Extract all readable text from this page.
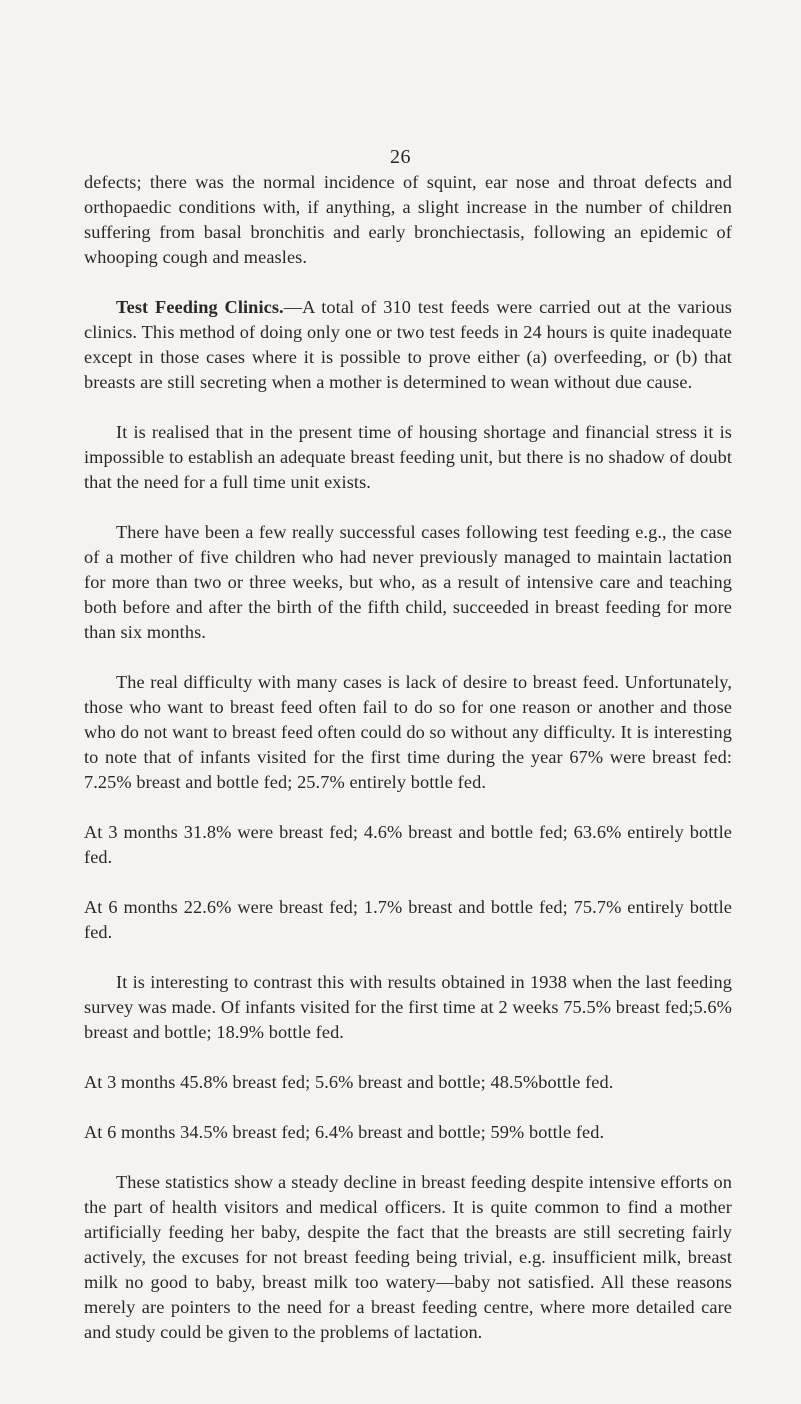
26

defects; there was the normal incidence of squint, ear nose and throat defects and orthopaedic conditions with, if anything, a slight increase in the number of children suffering from basal bronchitis and early bronchiectasis, following an epidemic of whooping cough and measles.

Test Feeding Clinics.—A total of 310 test feeds were carried out at the various clinics. This method of doing only one or two test feeds in 24 hours is quite inadequate except in those cases where it is possible to prove either (a) overfeeding, or (b) that breasts are still secreting when a mother is determined to wean without due cause.

It is realised that in the present time of housing shortage and financial stress it is impossible to establish an adequate breast feeding unit, but there is no shadow of doubt that the need for a full time unit exists.

There have been a few really successful cases following test feeding e.g., the case of a mother of five children who had never previously managed to maintain lactation for more than two or three weeks, but who, as a result of intensive care and teaching both before and after the birth of the fifth child, succeeded in breast feeding for more than six months.

The real difficulty with many cases is lack of desire to breast feed. Unfortunately, those who want to breast feed often fail to do so for one reason or another and those who do not want to breast feed often could do so without any difficulty. It is interesting to note that of infants visited for the first time during the year 67% were breast fed: 7.25% breast and bottle fed; 25.7% entirely bottle fed.

At 3 months 31.8% were breast fed; 4.6% breast and bottle fed; 63.6% entirely bottle fed.

At 6 months 22.6% were breast fed; 1.7% breast and bottle fed; 75.7% entirely bottle fed.

It is interesting to contrast this with results obtained in 1938 when the last feeding survey was made. Of infants visited for the first time at 2 weeks 75.5% breast fed;5.6% breast and bottle; 18.9% bottle fed.

At 3 months 45.8% breast fed; 5.6% breast and bottle; 48.5%bottle fed.

At 6 months 34.5% breast fed; 6.4% breast and bottle; 59% bottle fed.

These statistics show a steady decline in breast feeding despite intensive efforts on the part of health visitors and medical officers. It is quite common to find a mother artificially feeding her baby, despite the fact that the breasts are still secreting fairly actively, the excuses for not breast feeding being trivial, e.g. insufficient milk, breast milk no good to baby, breast milk too watery—baby not satisfied. All these reasons merely are pointers to the need for a breast feeding centre, where more detailed care and study could be given to the problems of lactation.
